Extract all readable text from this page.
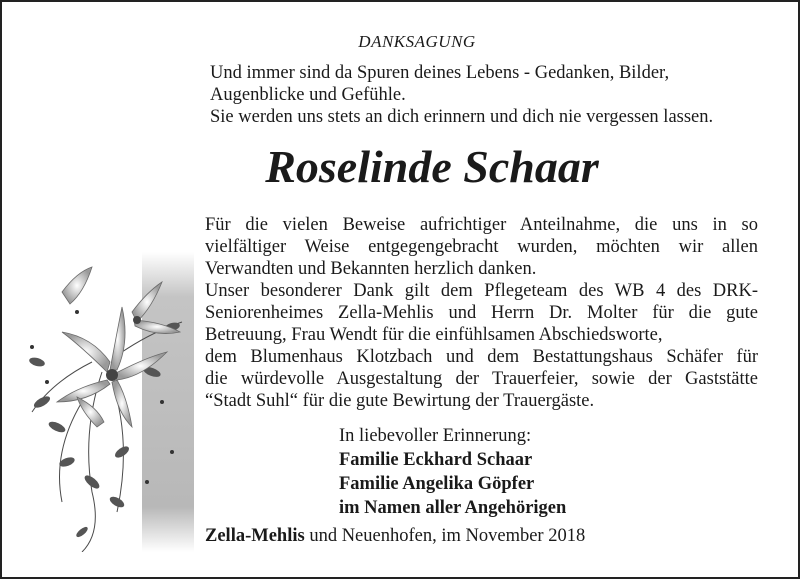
DANKSAGUNG
Und immer sind da Spuren deines Lebens - Gedanken, Bilder,
Augenblicke und Gefühle.
Sie werden uns stets an dich erinnern und dich nie vergessen lassen.
Roselinde Schaar
Für die vielen Beweise aufrichtiger Anteilnahme, die uns in so
vielfältiger Weise entgegengebracht wurden, möchten wir allen
Verwandten und Bekannten herzlich danken.
Unser besonderer Dank gilt dem Pflegeteam des WB 4 des DRK-
Seniorenheimes Zella-Mehlis und Herrn Dr. Molter für die gute
Betreuung, Frau Wendt für die einfühlsamen Abschiedsworte,
dem Blumenhaus Klotzbach und dem Bestattungshaus Schäfer für
die würdevolle Ausgestaltung der Trauerfeier, sowie der Gaststätte
“Stadt Suhl“ für die gute Bewirtung der Trauergäste.
In liebevoller Erinnerung:
Familie Eckhard Schaar
Familie Angelika Göpfer
im Namen aller Angehörigen
Zella-Mehlis und Neuenhofen, im November 2018
